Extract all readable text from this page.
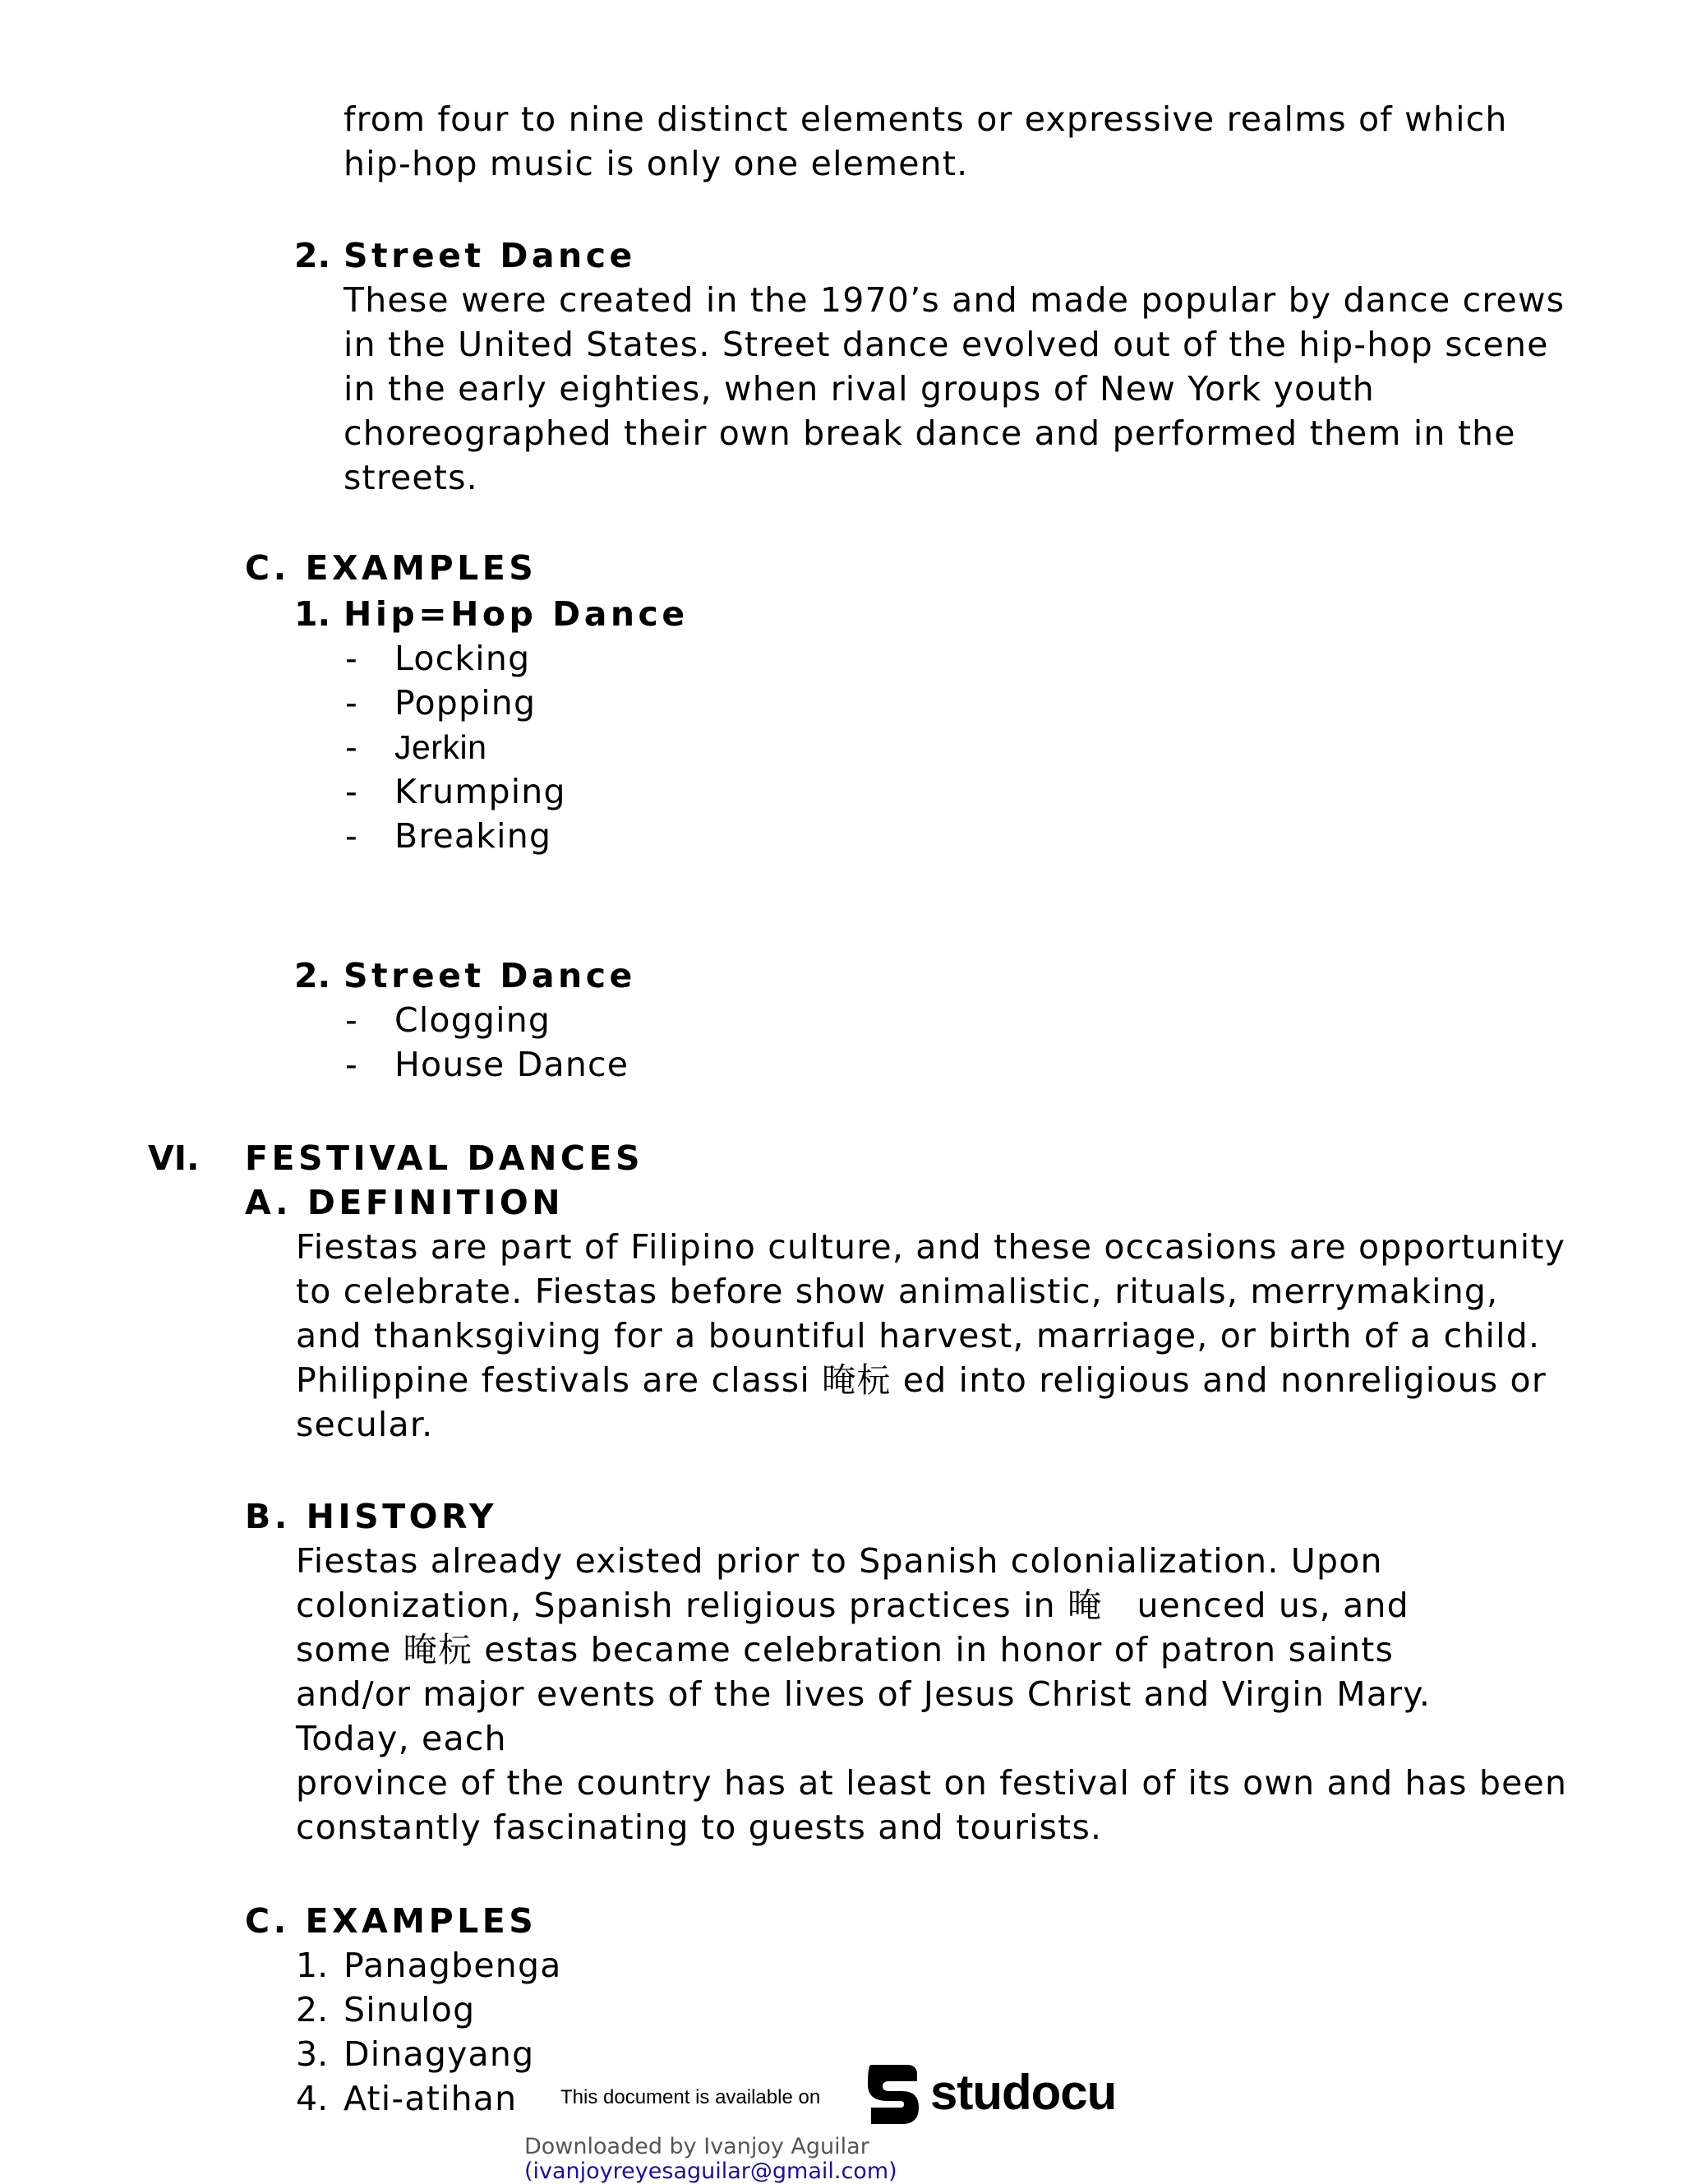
from four to nine distinct elements or expressive realms of which
hip-hop music is only one element.
2. Street Dance
These were created in the 1970’s and made popular by dance crews
in the United States. Street dance evolved out of the hip-hop scene
in the early eighties, when rival groups of New York youth
choreographed their own break dance and performed them in the
streets.
C. EXAMPLES
1. Hip=Hop Dance
- Locking
- Popping
- Jerkin
- Krumping
- Breaking
2. Street Dance
- Clogging
- House Dance
VI. FESTIVAL DANCES
A. DEFINITION
Fiestas are part of Filipino culture, and these occasions are opportunity
to celebrate. Fiestas before show animalistic, rituals, merrymaking,
and thanksgiving for a bountiful harvest, marriage, or birth of a child.
Philippine festivals are classi 晻杬 ed into religious and nonreligious or
secular.
B. HISTORY
Fiestas already existed prior to Spanish colonialization. Upon
colonization, Spanish religious practices in 晻　uenced us, and
some 晻杬 estas became celebration in honor of patron saints
and/or major events of the lives of Jesus Christ and Virgin Mary.
Today, each
province of the country has at least on festival of its own and has been
constantly fascinating to guests and tourists.
C. EXAMPLES
1. Panagbenga
2. Sinulog
3. Dinagyang
4. Ati-atihan This document is available on studocu
Downloaded by Ivanjoy Aguilar
(ivanjoyreyesaguilar@gmail.com)
